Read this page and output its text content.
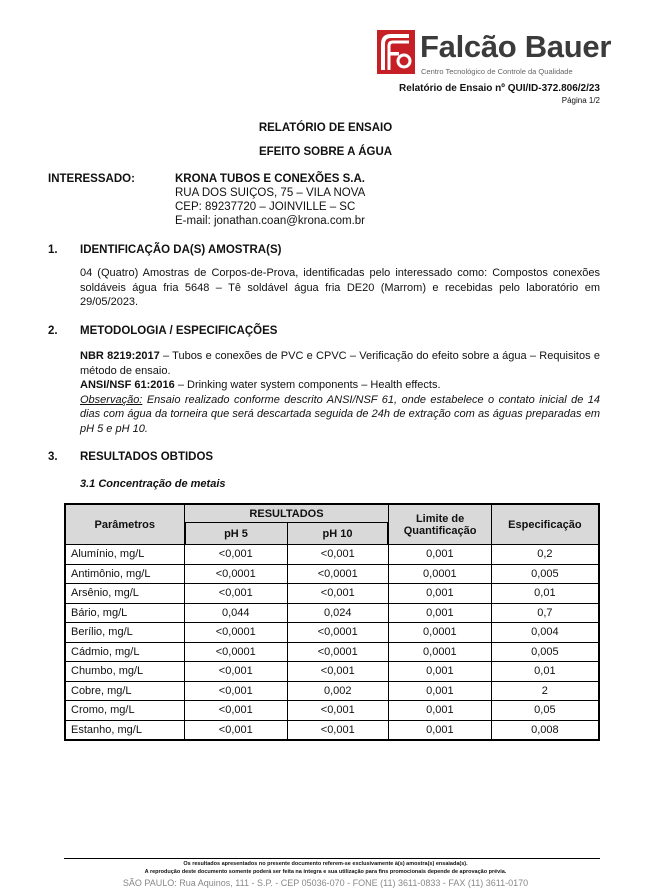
Falcão Bauer
Centro Tecnológico de Controle da Qualidade
Relatório de Ensaio nº QUI/ID-372.806/2/23
Página 1/2
RELATÓRIO DE ENSAIO
EFEITO SOBRE A ÁGUA
INTERESSADO:	KRONA TUBOS E CONEXÕES S.A.
RUA DOS SUIÇOS, 75 – VILA NOVA
CEP: 89237720 – JOINVILLE – SC
E-mail: jonathan.coan@krona.com.br
1. IDENTIFICAÇÃO DA(S) AMOSTRA(S)
04 (Quatro) Amostras de Corpos-de-Prova, identificadas pelo interessado como: Compostos conexões soldáveis água fria 5648 – Tê soldável água fria DE20 (Marrom) e recebidas pelo laboratório em 29/05/2023.
2. METODOLOGIA / ESPECIFICAÇÕES
NBR 8219:2017 – Tubos e conexões de PVC e CPVC – Verificação do efeito sobre a água – Requisitos e método de ensaio.
ANSI/NSF 61:2016 – Drinking water system components – Health effects.
Observação: Ensaio realizado conforme descrito ANSI/NSF 61, onde estabelece o contato inicial de 14 dias com água da torneira que será descartada seguida de 24h de extração com as águas preparadas em pH 5 e pH 10.
3. RESULTADOS OBTIDOS
3.1 Concentração de metais
Parâmetros	RESULTADOS		Limite de Quantificação	Especificação
	pH 5	pH 10		
Alumínio, mg/L	<0,001	<0,001	0,001	0,2
Antimônio, mg/L	<0,0001	<0,0001	0,0001	0,005
Arsênio, mg/L	<0,001	<0,001	0,001	0,01
Bário, mg/L	0,044	0,024	0,001	0,7
Berílio, mg/L	<0,0001	<0,0001	0,0001	0,004
Cádmio, mg/L	<0,0001	<0,0001	0,0001	0,005
Chumbo, mg/L	<0,001	<0,001	0,001	0,01
Cobre, mg/L	<0,001	0,002	0,001	2
Cromo, mg/L	<0,001	<0,001	0,001	0,05
Estanho, mg/L	<0,001	<0,001	0,001	0,008
Os resultados apresentados no presente documento referem-se exclusivamente à(s) amostra(s) ensaiada(s).
A reprodução deste documento somente poderá ser feita na íntegra e sua utilização para fins promocionais depende de aprovação prévia.
SÃO PAULO: Rua Aquinos, 111 - S.P. - CEP 05036-070 - FONE (11) 3611-0833 - FAX (11) 3611-0170
